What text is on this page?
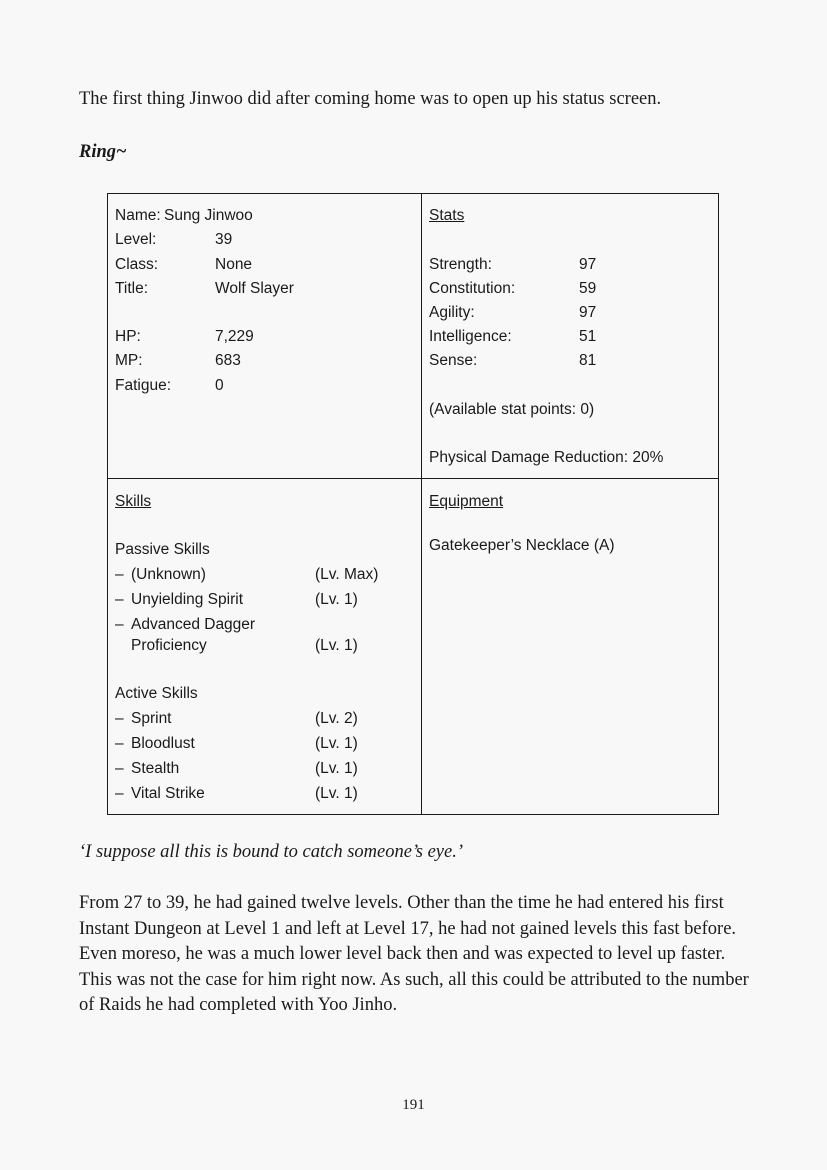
The first thing Jinwoo did after coming home was to open up his status screen.

Ring~

Name: Sung Jinwoo
Level:	39
Class:	None
Title:	Wolf Slayer
HP:	7,229
MP:	683
Fatigue:	0
Stats
Strength:	97
Constitution:	59
Agility:	97
Intelligence:	51
Sense:	81
(Available stat points: 0)
Physical Damage Reduction: 20%
Skills
Passive Skills
– (Unknown)	(Lv. Max)
– Unyielding Spirit	(Lv. 1)
– Advanced Dagger
Proficiency	(Lv. 1)
Active Skills
– Sprint	(Lv. 2)
– Bloodlust	(Lv. 1)
– Stealth	(Lv. 1)
– Vital Strike	(Lv. 1)
Equipment
Gatekeeper’s Necklace (A)

‘I suppose all this is bound to catch someone’s eye.’

From 27 to 39, he had gained twelve levels. Other than the time he had entered his first Instant Dungeon at Level 1 and left at Level 17, he had not gained levels this fast before. Even moreso, he was a much lower level back then and was expected to level up faster. This was not the case for him right now. As such, all this could be attributed to the number of Raids he had completed with Yoo Jinho.

191
